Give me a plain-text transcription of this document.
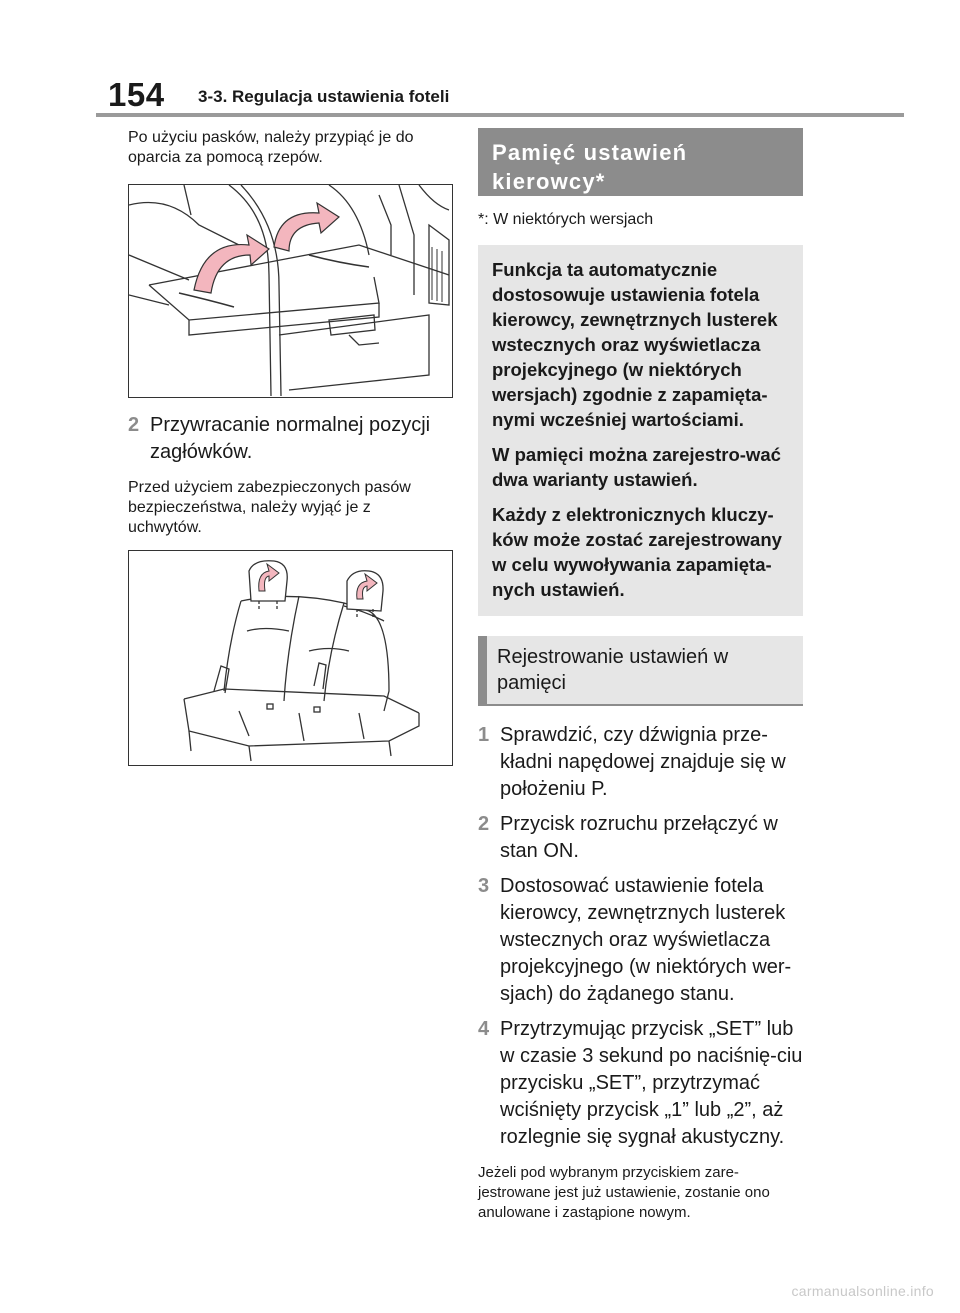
154 3-3. Regulacja ustawienia foteli

Po użyciu pasków, należy przypiąć je do oparcia za pomocą rzepów.

2 Przywracanie normalnej pozycji zagłówków.

Przed użyciem zabezpieczonych pasów bezpieczeństwa, należy wyjąć je z uchwytów.

Pamięć ustawień kierowcy*

*: W niektórych wersjach

Funkcja ta automatycznie dostosowuje ustawienia fotela kierowcy, zewnętrznych lusterek wstecznych oraz wyświetlacza projekcyjnego (w niektórych wersjach) zgodnie z zapamięta-nymi wcześniej wartościami.

W pamięci można zarejestro-wać dwa warianty ustawień.

Każdy z elektronicznych kluczy-ków może zostać zarejestrowany w celu wywoływania zapamięta-nych ustawień.

Rejestrowanie ustawień w pamięci
1 Sprawdzić, czy dźwignia prze-kładni napędowej znajduje się w położeniu P.
2 Przycisk rozruchu przełączyć w stan ON.
3 Dostosować ustawienie fotela kierowcy, zewnętrznych lusterek wstecznych oraz wyświetlacza projekcyjnego (w niektórych wer-sjach) do żądanego stanu.
4 Przytrzymując przycisk „SET” lub w czasie 3 sekund po naciśnię-ciu przycisku „SET”, przytrzymać wciśnięty przycisk „1” lub „2”, aż rozlegnie się sygnał akustyczny.

Jeżeli pod wybranym przyciskiem zare-jestrowane jest już ustawienie, zostanie ono anulowane i zastąpione nowym.

carmanualsonline.info
